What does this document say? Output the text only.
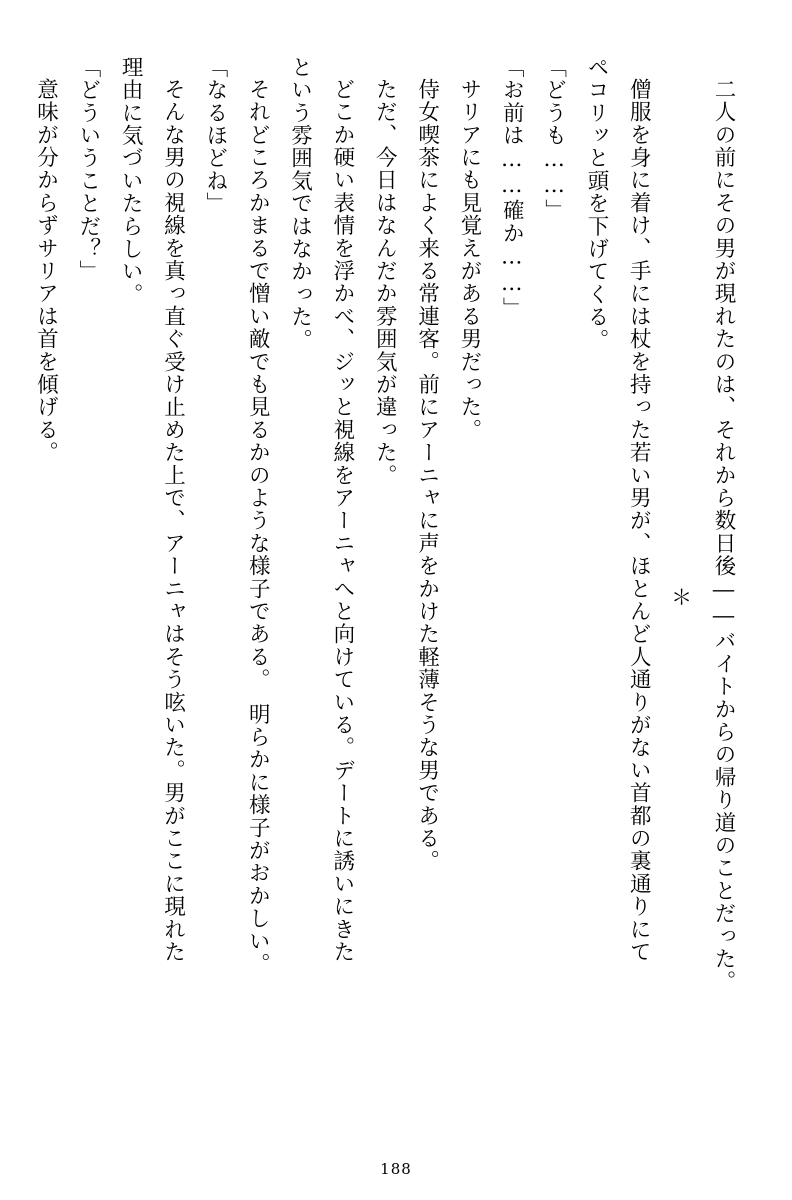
二人の前にその男が現れたのは、それから数日後――バイトからの帰り道のことだった。
＊
僧服を身に着け、手には杖を持った若い男が、ほとんど人通りがない首都の裏通りにて
ペコリッと頭を下げてくる。
「どうも……」
「お前は……確か……」
サリアにも見覚えがある男だった。
侍女喫茶によく来る常連客。前にアーニャに声をかけた軽薄そうな男である。
ただ、今日はなんだか雰囲気が違った。
どこか硬い表情を浮かべ、ジッと視線をアーニャへと向けている。デートに誘いにきた
という雰囲気ではなかった。
それどころかまるで憎い敵でも見るかのような様子である。　明らかに様子がおかしい。
「なるほどね」
そんな男の視線を真っ直ぐ受け止めた上で、アーニャはそう呟いた。男がここに現れた
理由に気づいたらしい。
「どういうことだ？」
意味が分からずサリアは首を傾げる。
188
